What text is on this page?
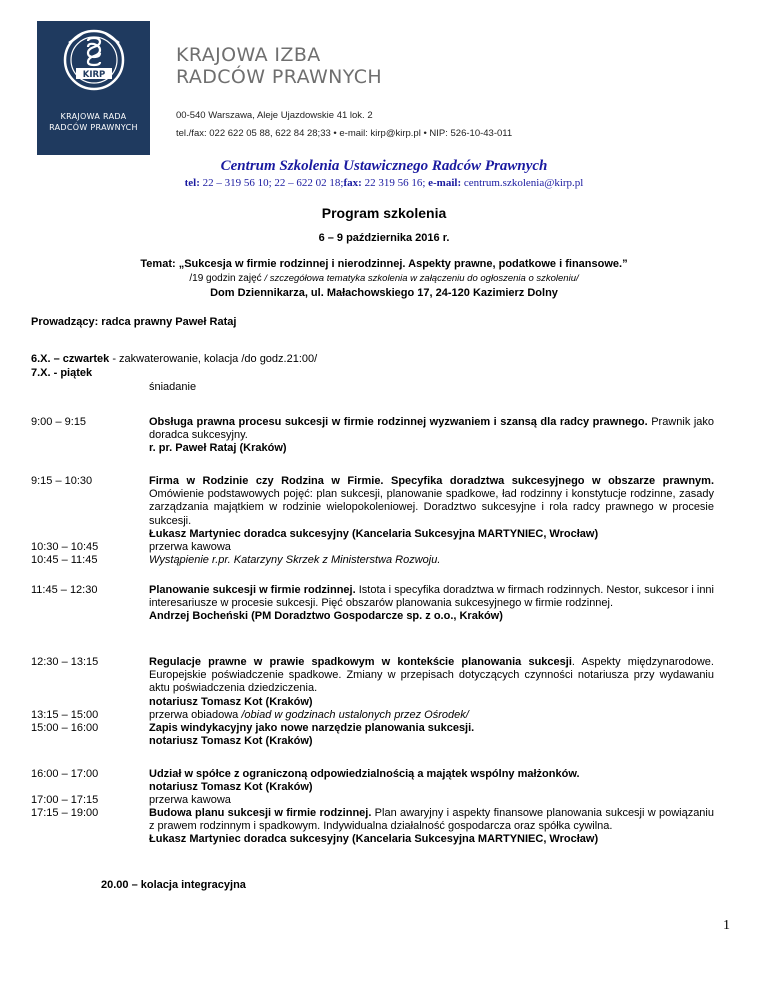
KIRP
KRAJOWA RADA
RADCÓW PRAWNYCH
KRAJOWA IZBA
RADCÓW PRAWNYCH
00-540 Warszawa, Aleje Ujazdowskie 41 lok. 2
tel./fax: 022 622 05 88, 622 84 28;33 • e-mail: kirp@kirp.pl • NIP: 526-10-43-011
Centrum Szkolenia Ustawicznego Radców Prawnych
tel: 22 – 319 56 10; 22 – 622 02 18;fax: 22 319 56 16; e-mail: centrum.szkolenia@kirp.pl
Program szkolenia
6 – 9 października 2016 r.
Temat: „Sukcesja w firmie rodzinnej i nierodzinnej. Aspekty prawne, podatkowe i finansowe.”
/19 godzin zajęć / szczegółowa tematyka szkolenia w załączeniu do ogłoszenia o szkoleniu/
Dom Dziennikarza, ul. Małachowskiego 17, 24-120 Kazimierz Dolny
Prowadzący: radca prawny Paweł Rataj
6.X. – czwartek - zakwaterowanie, kolacja /do godz.21:00/
7.X. - piątek
śniadanie
9:00 – 9:15	Obsługa prawna procesu sukcesji w firmie rodzinnej wyzwaniem i szansą dla radcy prawnego. Prawnik jako doradca sukcesyjny.
r. pr. Paweł Rataj (Kraków)
9:15 – 10:30	Firma w Rodzinie czy Rodzina w Firmie. Specyfika doradztwa sukcesyjnego w obszarze prawnym. Omówienie podstawowych pojęć: plan sukcesji, planowanie spadkowe, ład rodzinny i konstytucje rodzinne, zasady zarządzania majątkiem w rodzinie wielopokoleniowej. Doradztwo sukcesyjne i rola radcy prawnego w procesie sukcesji.
Łukasz Martyniec doradca sukcesyjny (Kancelaria Sukcesyjna MARTYNIEC, Wrocław)
10:30 – 10:45	przerwa kawowa
10:45 – 11:45	Wystąpienie r.pr. Katarzyny Skrzek z Ministerstwa Rozwoju.
11:45 – 12:30	Planowanie sukcesji w firmie rodzinnej. Istota i specyfika doradztwa w firmach rodzinnych. Nestor, sukcesor i inni interesariusze w procesie sukcesji. Pięć obszarów planowania sukcesyjnego w firmie rodzinnej.
Andrzej Bocheński (PM Doradztwo Gospodarcze sp. z o.o., Kraków)
12:30 – 13:15	Regulacje prawne w prawie spadkowym w kontekście planowania sukcesji. Aspekty międzynarodowe. Europejskie poświadczenie spadkowe. Zmiany w przepisach dotyczących czynności notariusza przy wydawaniu aktu poświadczenia dziedziczenia.
notariusz Tomasz Kot (Kraków)
13:15 – 15:00	przerwa obiadowa /obiad w godzinach ustalonych przez Ośrodek/
15:00 – 16:00	Zapis windykacyjny jako nowe narzędzie planowania sukcesji.
notariusz Tomasz Kot (Kraków)
16:00 – 17:00	Udział w spółce z ograniczoną odpowiedzialnością a majątek wspólny małżonków.
notariusz Tomasz Kot (Kraków)
17:00 – 17:15	przerwa kawowa
17:15 – 19:00	Budowa planu sukcesji w firmie rodzinnej. Plan awaryjny i aspekty finansowe planowania sukcesji w powiązaniu z prawem rodzinnym i spadkowym. Indywidualna działalność gospodarcza oraz spółka cywilna.
Łukasz Martyniec doradca sukcesyjny (Kancelaria Sukcesyjna MARTYNIEC, Wrocław)
20.00 – kolacja integracyjna
1
